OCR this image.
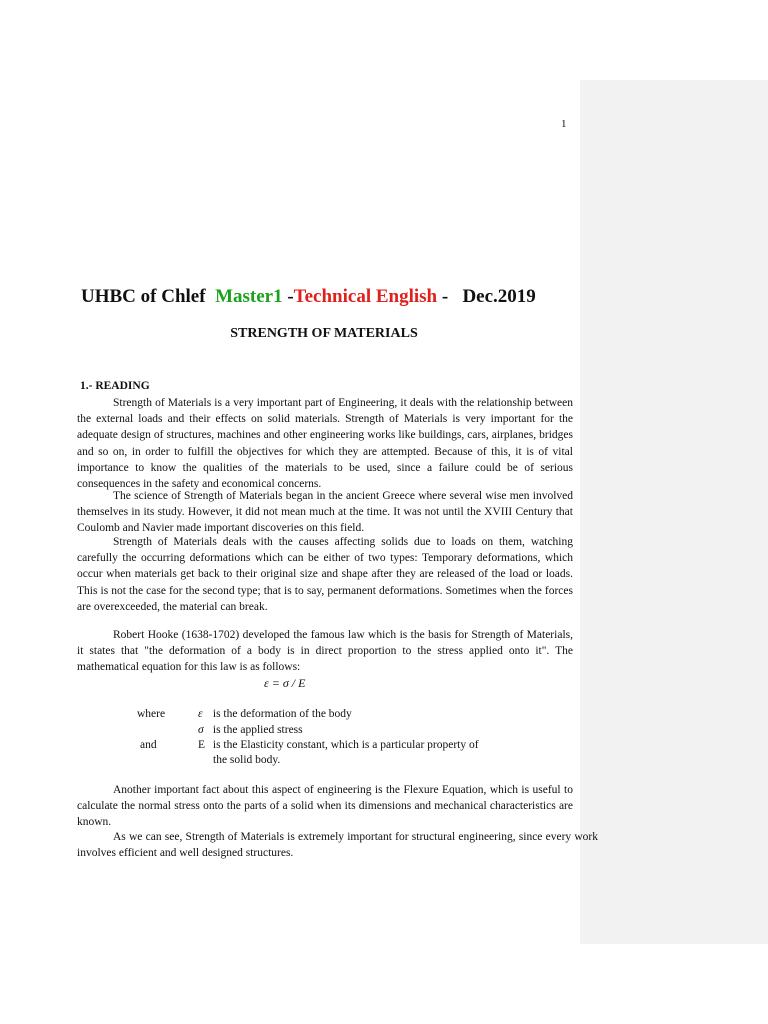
1
UHBC of Chlef Master1 -Technical English - Dec.2019
STRENGTH OF MATERIALS
1.- READING

Strength of Materials is a very important part of Engineering, it deals with the relationship between the external loads and their effects on solid materials. Strength of Materials is very important for the adequate design of structures, machines and other engineering works like buildings, cars, airplanes, bridges and so on, in order to fulfill the objectives for which they are attempted. Because of this, it is of vital importance to know the qualities of the materials to be used, since a failure could be of serious consequences in the safety and economical concerns.

The science of Strength of Materials began in the ancient Greece where several wise men involved themselves in its study. However, it did not mean much at the time. It was not until the XVIII Century that Coulomb and Navier made important discoveries on this field.

Strength of Materials deals with the causes affecting solids due to loads on them, watching carefully the occurring deformations which can be either of two types: Temporary deformations, which occur when materials get back to their original size and shape after they are released of the load or loads. This is not the case for the second type; that is to say, permanent deformations. Sometimes when the forces are overexceeded, the material can break.

Robert Hooke (1638-1702) developed the famous law which is the basis for Strength of Materials, it states that "the deformation of a body is in direct proportion to the stress applied onto it". The mathematical equation for this law is as follows:

ε = σ / E
where
and
ε is the deformation of the body
σ is the applied stress
E is the Elasticity constant, which is a particular property of
the solid body.

Another important fact about this aspect of engineering is the Flexure Equation, which is useful to calculate the normal stress onto the parts of a solid when its dimensions and mechanical characteristics are known.

As we can see, Strength of Materials is extremely important for structural engineering, since every work involves efficient and well designed structures.
